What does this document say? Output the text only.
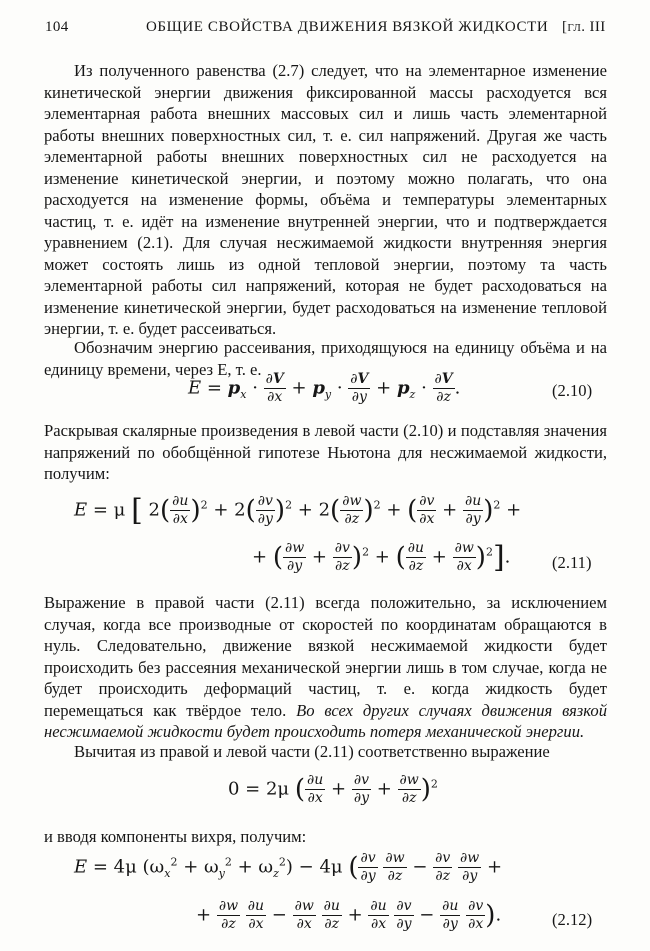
104	ОБЩИЕ СВОЙСТВА ДВИЖЕНИЯ ВЯЗКОЙ ЖИДКОСТИ [гл. III

Из полученного равенства (2.7) следует, что на элементарное изменение кинетической энергии движения фиксированной массы расходуется вся элементарная работа внешних массовых сил и лишь часть элементарной работы внешних поверхностных сил, т. е. сил напряжений. Другая же часть элементарной работы внешних поверхностных сил не расходуется на изменение кинетической энергии, и поэтому можно полагать, что она расходуется на изменение формы, объёма и температуры элементарных частиц, т. е. идёт на изменение внутренней энергии, что и подтверждается уравнением (2.1). Для случая несжимаемой жидкости внутренняя энергия может состоять лишь из одной тепловой энергии, поэтому та часть элементарной работы сил напряжений, которая не будет расходоваться на изменение кинетической энергии, будет расходоваться на изменение тепловой энергии, т. е. будет рассеиваться.

Обозначим энергию рассеивания, приходящуюся на единицу объёма и на единицу времени, через E, т. е.

$E = p_x \cdot \frac{\partial V}{\partial x} + p_y \cdot \frac{\partial V}{\partial y} + p_z \cdot \frac{\partial V}{\partial z}$ .	(2.10)

Раскрывая скалярные произведения в левой части (2.10) и подставляя значения напряжений по обобщённой гипотезе Ньютона для несжимаемой жидкости, получим:

E = μ [ $2( \frac{\partial u}{\partial x} )^2 + 2( \frac{\partial v}{\partial y} )^2 + 2( \frac{\partial w}{\partial z} )^2$ + ( $\frac{\partial v}{\partial x} + \frac{\partial u}{\partial y} )^2$ +
+ ( $\frac{\partial w}{\partial y} + \frac{\partial v}{\partial z} )^2$ + ( $\frac{\partial u}{\partial z} + \frac{\partial w}{\partial x} )^2$].	(2.11)

Выражение в правой части (2.11) всегда положительно, за исключением случая, когда все производные от скоростей по координатам обращаются в нуль. Следовательно, движение вязкой несжимаемой жидкости будет происходить без рассеяния механической энергии лишь в том случае, когда не будет происходить деформаций частиц, т. е. когда жидкость будет перемещаться как твёрдое тело. Во всех других случаях движения вязкой несжимаемой жидкости будет происходить потеря механической энергии.

Вычитая из правой и левой части (2.11) соответственно выражение

0 = 2μ ( $\frac{\partial u}{\partial x} + \frac{\partial v}{\partial y} + \frac{\partial w}{\partial z} )^2$

и вводя компоненты вихря, получим:

E = 4μ $(\omega_x^2 + \omega_y^2 + \omega_z^2) - 4\mu$ ( $\frac{\partial v}{\partial y}$
$\frac{\partial w}{\partial z} - \frac{\partial v}{\partial z}$
$\frac{\partial w}{\partial y}$ +
+ $\frac{\partial w}{\partial z}$
$\frac{\partial u}{\partial x} - \frac{\partial w}{\partial x}$
$\frac{\partial u}{\partial z} + \frac{\partial u}{\partial x}$
$\frac{\partial v}{\partial y} - \frac{\partial u}{\partial y}$
$\frac{\partial v}{\partial x}$ ).	(2.12)
